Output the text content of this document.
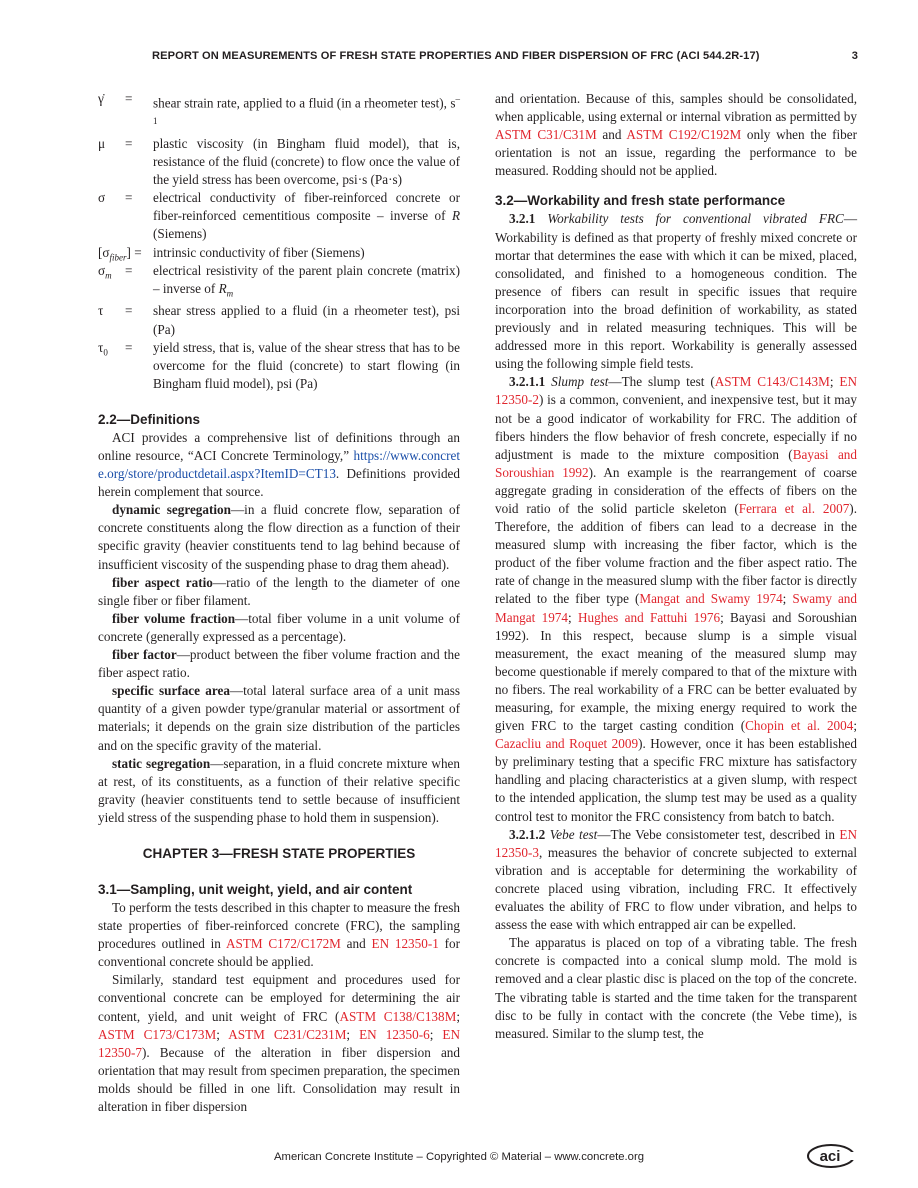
REPORT ON MEASUREMENTS OF FRESH STATE PROPERTIES AND FIBER DISPERSION OF FRC (ACI 544.2R-17)	3

γ̇ = shear strain rate, applied to a fluid (in a rheometer test), $s^{-1}$

μ = plastic viscosity (in Bingham fluid model), that is, resistance of the fluid (concrete) to flow once the value of the yield stress has been overcome, psi·s (Pa·s)

σ = electrical conductivity of fiber-reinforced concrete or fiber-reinforced cementitious composite – inverse of R (Siemens)

$[\sigma_{fiber}]$ = intrinsic conductivity of fiber (Siemens)

$\sigma_m$ = electrical resistivity of the parent plain concrete (matrix) – inverse of $R_m$

τ = shear stress applied to a fluid (in a rheometer test), psi (Pa)

$\tau_0$ = yield stress, that is, value of the shear stress that has to be overcome for the fluid (concrete) to start flowing (in Bingham fluid model), psi (Pa)

2.2—Definitions

ACI provides a comprehensive list of definitions through an online resource, “ACI Concrete Terminology,” https://www.concrete.org/store/productdetail.aspx?ItemID=CT13. Definitions provided herein complement that source.

dynamic segregation—in a fluid concrete flow, separation of concrete constituents along the flow direction as a function of their specific gravity (heavier constituents tend to lag behind because of insufficient viscosity of the suspending phase to drag them ahead).

fiber aspect ratio—ratio of the length to the diameter of one single fiber or fiber filament.

fiber volume fraction—total fiber volume in a unit volume of concrete (generally expressed as a percentage).

fiber factor—product between the fiber volume fraction and the fiber aspect ratio.

specific surface area—total lateral surface area of a unit mass quantity of a given powder type/granular material or assortment of materials; it depends on the grain size distribution of the particles and on the specific gravity of the material.

static segregation—separation, in a fluid concrete mixture when at rest, of its constituents, as a function of their relative specific gravity (heavier constituents tend to settle because of insufficient yield stress of the suspending phase to hold them in suspension).

CHAPTER 3—FRESH STATE PROPERTIES

3.1—Sampling, unit weight, yield, and air content

To perform the tests described in this chapter to measure the fresh state properties of fiber-reinforced concrete (FRC), the sampling procedures outlined in ASTM C172/C172M and EN 12350-1 for conventional concrete should be applied.

Similarly, standard test equipment and procedures used for conventional concrete can be employed for determining the air content, yield, and unit weight of FRC (ASTM C138/C138M; ASTM C173/C173M; ASTM C231/C231M; EN 12350-6; EN 12350-7). Because of the alteration in fiber dispersion and orientation that may result from specimen preparation, the specimen molds should be filled in one lift. Consolidation may result in alteration in fiber dispersion

and orientation. Because of this, samples should be consolidated, when applicable, using external or internal vibration as permitted by ASTM C31/C31M and ASTM C192/C192M only when the fiber orientation is not an issue, regarding the performance to be measured. Rodding should not be applied.

3.2—Workability and fresh state performance

3.2.1 Workability tests for conventional vibrated FRC—Workability is defined as that property of freshly mixed concrete or mortar that determines the ease with which it can be mixed, placed, consolidated, and finished to a homogeneous condition. The presence of fibers can result in specific issues that require incorporation into the broad definition of workability, as stated previously and in related measuring techniques. This will be addressed more in this report. Workability is generally assessed using the following simple field tests.

3.2.1.1 Slump test—The slump test (ASTM C143/C143M; EN 12350-2) is a common, convenient, and inexpensive test, but it may not be a good indicator of workability for FRC. The addition of fibers hinders the flow behavior of fresh concrete, especially if no adjustment is made to the mixture composition (Bayasi and Soroushian 1992). An example is the rearrangement of coarse aggregate grading in consideration of the effects of fibers on the void ratio of the solid particle skeleton (Ferrara et al. 2007). Therefore, the addition of fibers can lead to a decrease in the measured slump with increasing the fiber factor, which is the product of the fiber volume fraction and the fiber aspect ratio. The rate of change in the measured slump with the fiber factor is directly related to the fiber type (Mangat and Swamy 1974; Swamy and Mangat 1974; Hughes and Fattuhi 1976; Bayasi and Soroushian 1992). In this respect, because slump is a simple visual measurement, the exact meaning of the measured slump may become questionable if merely compared to that of the mixture with no fibers. The real workability of a FRC can be better evaluated by measuring, for example, the mixing energy required to work the given FRC to the target casting condition (Chopin et al. 2004; Cazacliu and Roquet 2009). However, once it has been established by preliminary testing that a specific FRC mixture has satisfactory handling and placing characteristics at a given slump, with respect to the intended application, the slump test may be used as a quality control test to monitor the FRC consistency from batch to batch.

3.2.1.2 Vebe test—The Vebe consistometer test, described in EN 12350-3, measures the behavior of concrete subjected to external vibration and is acceptable for determining the workability of concrete placed using vibration, including FRC. It effectively evaluates the ability of FRC to flow under vibration, and helps to assess the ease with which entrapped air can be expelled.

The apparatus is placed on top of a vibrating table. The fresh concrete is compacted into a conical slump mold. The mold is removed and a clear plastic disc is placed on the top of the concrete. The vibrating table is started and the time taken for the transparent disc to be fully in contact with the concrete (the Vebe time), is measured. Similar to the slump test, the

American Concrete Institute – Copyrighted © Material – www.concrete.org	aci
